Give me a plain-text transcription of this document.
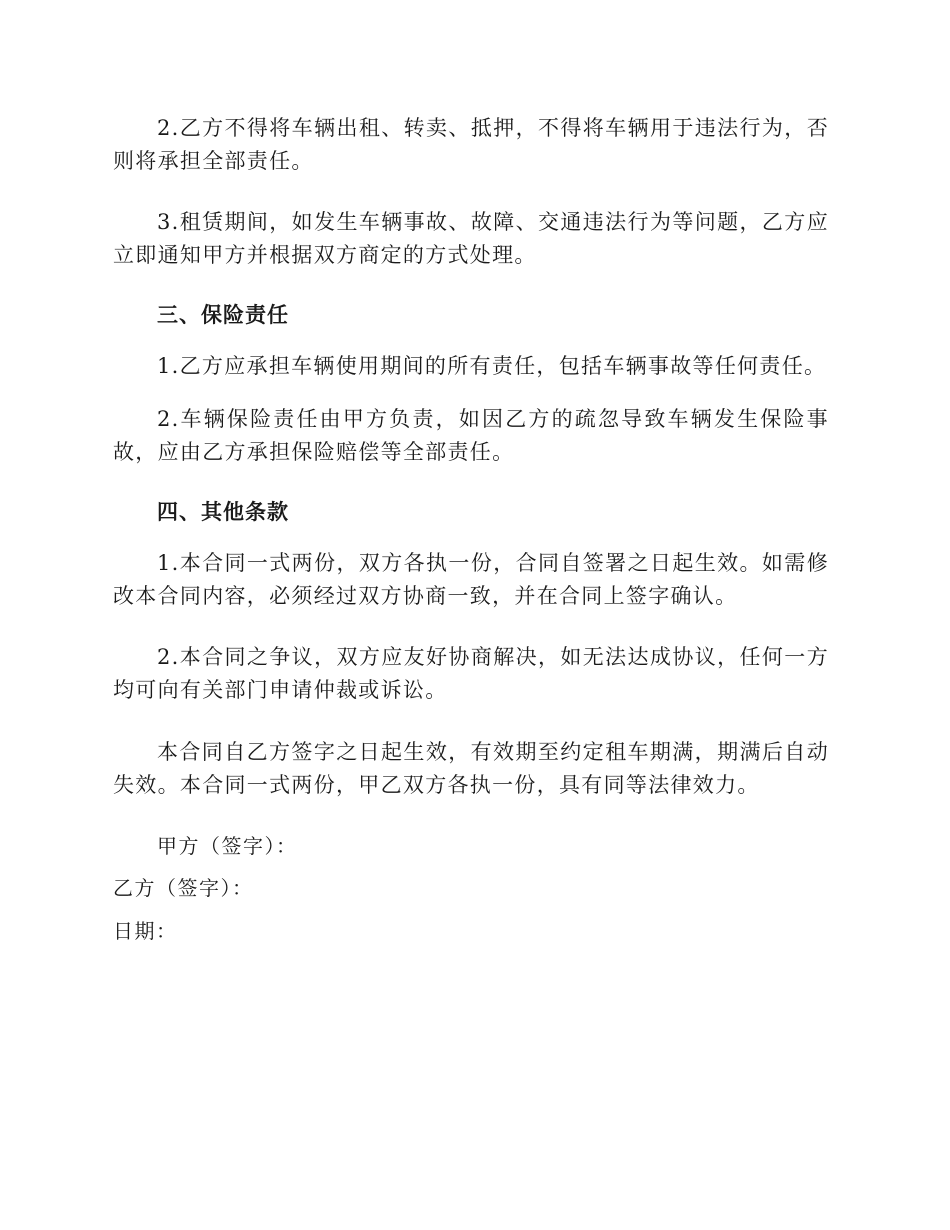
2.乙方不得将车辆出租、转卖、抵押，不得将车辆用于违法行为，否则将承担全部责任。

3.租赁期间，如发生车辆事故、故障、交通违法行为等问题，乙方应立即通知甲方并根据双方商定的方式处理。

三、保险责任

1.乙方应承担车辆使用期间的所有责任，包括车辆事故等任何责任。

2.车辆保险责任由甲方负责，如因乙方的疏忽导致车辆发生保险事故，应由乙方承担保险赔偿等全部责任。

四、其他条款

1.本合同一式两份，双方各执一份，合同自签署之日起生效。如需修改本合同内容，必须经过双方协商一致，并在合同上签字确认。

2.本合同之争议，双方应友好协商解决，如无法达成协议，任何一方均可向有关部门申请仲裁或诉讼。

本合同自乙方签字之日起生效，有效期至约定租车期满，期满后自动失效。本合同一式两份，甲乙双方各执一份，具有同等法律效力。

甲方（签字）：

乙方（签字）：

日期：
